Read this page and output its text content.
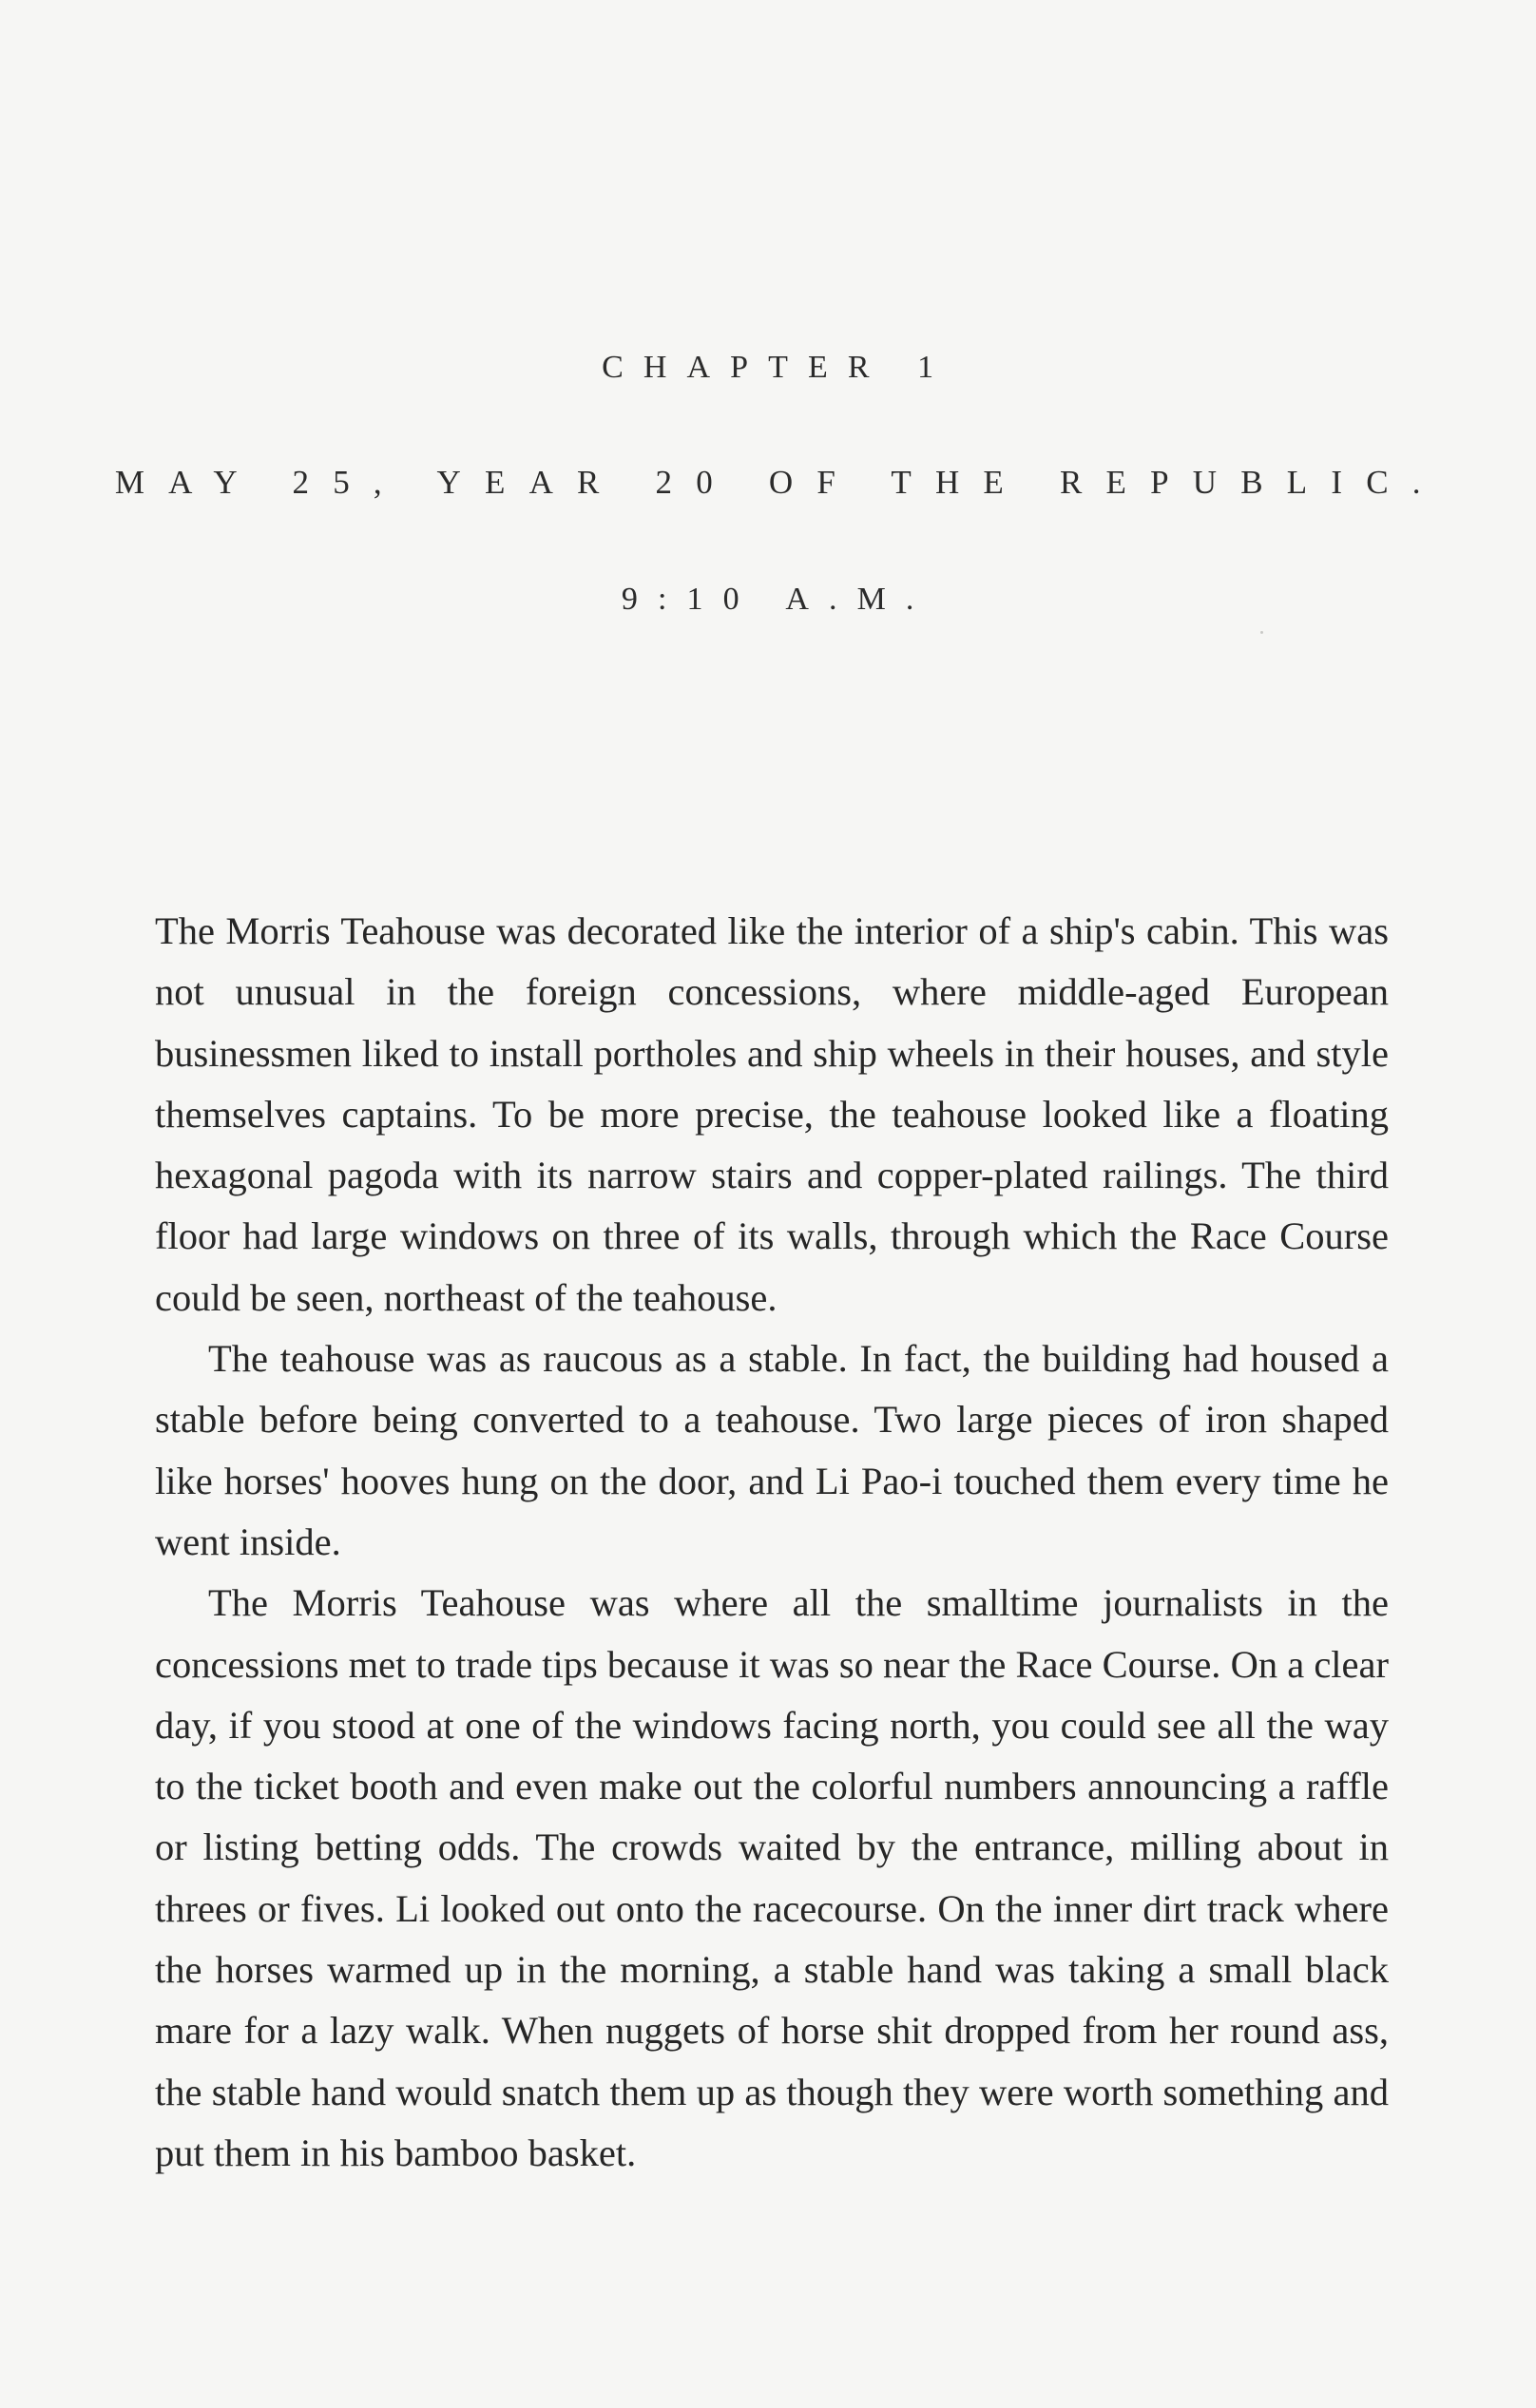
CHAPTER 1
MAY 25, YEAR 20 OF THE REPUBLIC.
9:10 A.M.

The Morris Teahouse was decorated like the interior of a ship's cabin. This was not unusual in the foreign concessions, where middle-aged European businessmen liked to install portholes and ship wheels in their houses, and style themselves captains. To be more precise, the teahouse looked like a floating hexagonal pagoda with its narrow stairs and copper-plated railings. The third floor had large windows on three of its walls, through which the Race Course could be seen, northeast of the teahouse.

The teahouse was as raucous as a stable. In fact, the building had housed a stable before being converted to a teahouse. Two large pieces of iron shaped like horses' hooves hung on the door, and Li Pao-i touched them every time he went inside.

The Morris Teahouse was where all the smalltime journalists in the concessions met to trade tips because it was so near the Race Course. On a clear day, if you stood at one of the windows facing north, you could see all the way to the ticket booth and even make out the colorful numbers announcing a raffle or listing betting odds. The crowds waited by the entrance, milling about in threes or fives. Li looked out onto the racecourse. On the inner dirt track where the horses warmed up in the morning, a stable hand was taking a small black mare for a lazy walk. When nuggets of horse shit dropped from her round ass, the stable hand would snatch them up as though they were worth something and put them in his bamboo basket.
